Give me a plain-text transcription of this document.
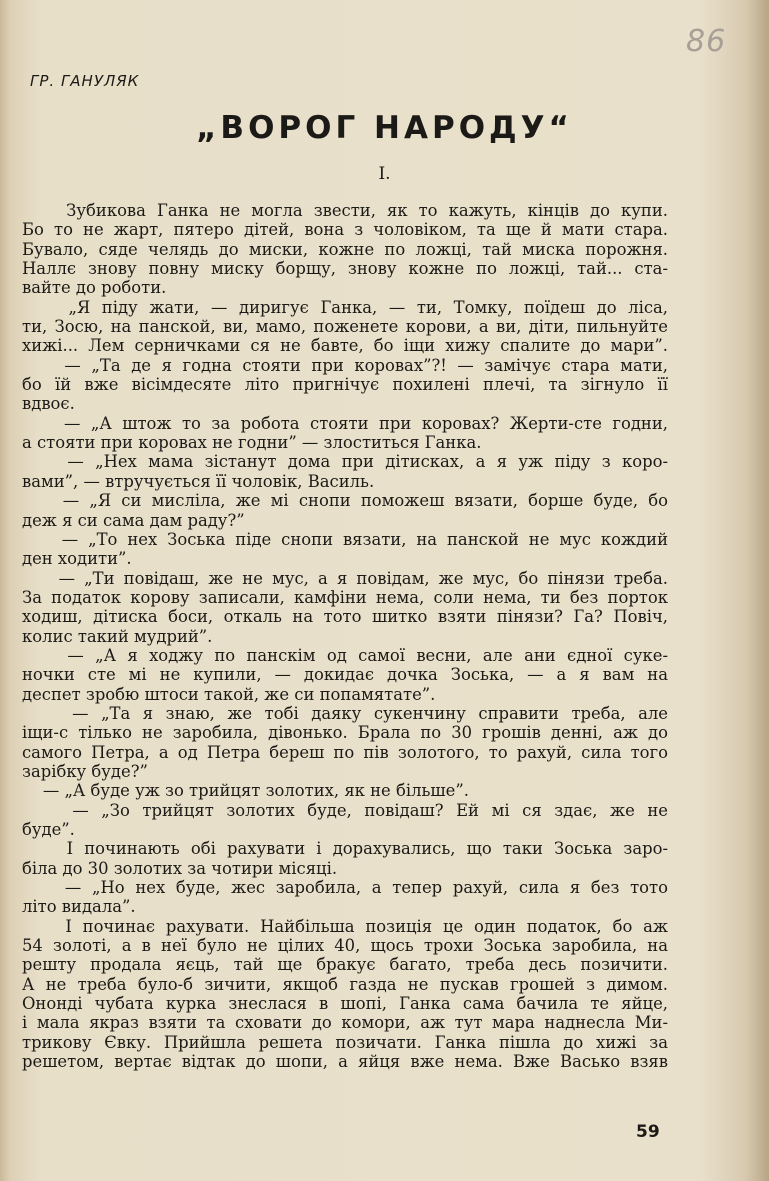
86
ГР. ГАНУЛЯК
„ВОРОГ НАРОДУ“
I.
Зубикова Ганка не могла звести, як то кажуть, кінців до купи.
Бо то не жарт, пятеро дітей, вона з чоловіком, та ще й мати стара.
Бувало, сяде челядь до миски, кожне по ложці, тай миска порожня.
Наллє знову повну миску борщу, знову кожне по ложці, тай... ста-
вайте до роботи.
„Я піду жати, — диригує Ганка, — ти, Томку, поїдеш до ліса,
ти, Зосю, на панской, ви, мамо, поженете корови, а ви, діти, пильнуйте
хижі... Лем серничками ся не бавте, бо іщи хижу спалите до мари”.
— „Та де я годна стояти при коровах”?! — замічує стара мати,
бо їй вже вісімдесяте літо пригнічує похилені плечі, та зігнуло її
вдвоє.
— „А штож то за робота стояти при коровах? Жерти-сте годни,
а стояти при коровах не годни” — злоститься Ганка.
— „Нех мама зістанут дома при дітисках, а я уж піду з коро-
вами”, — втручується її чоловік, Василь.
— „Я си мисліла, же мі снопи поможеш вязати, борше буде, бо
деж я си сама дам раду?”
— „То нех Зоська піде снопи вязати, на панской не мус кождий
ден ходити”.
— „Ти повідаш, же не мус, а я повідам, же мус, бо пінязи треба.
За податок корову записали, камфіни нема, соли нема, ти без порток
ходиш, дітиска боси, откаль на тото шитко взяти пінязи? Га? Повіч,
колис такий мудрий”.
— „А я ходжу по панскім од самої весни, але ани єдної суке-
ночки сте мі не купили, — докидає дочка Зоська, — а я вам на
деспет зробю штоси такой, же си попамятате”.
— „Та я знаю, же тобі даяку сукенчину справити треба, але
іщи-с тілько не заробила, дівонько. Брала по 30 грошів денні, аж до
самого Петра, а од Петра береш по пів золотого, то рахуй, сила того
зарібку буде?”
— „А буде уж зо трийцят золотих, як не більше”.
— „Зо трийцят золотих буде, повідаш? Ей мі ся здає, же не
буде”.
І починають обі рахувати і дорахувались, що таки Зоська заро-
біла до 30 золотих за чотири місяці.
— „Но нех буде, жес заробила, а тепер рахуй, сила я без тото
літо видала”.
І починає рахувати. Найбільша позиція це один податок, бо аж
54 золоті, а в неї було не цілих 40, щось трохи Зоська заробила, на
решту продала яєць, тай ще бракує багато, треба десь позичити.
А не треба було-б зичити, якщоб газда не пускав грошей з димом.
Ононді чубата курка знеслася в шопі, Ганка сама бачила те яйце,
і мала якраз взяти та сховати до комори, аж тут мара наднесла Ми-
трикову Євку. Прийшла решета позичати. Ганка пішла до хижі за
решетом, вертає відтак до шопи, а яйця вже нема. Вже Васько взяв
59
